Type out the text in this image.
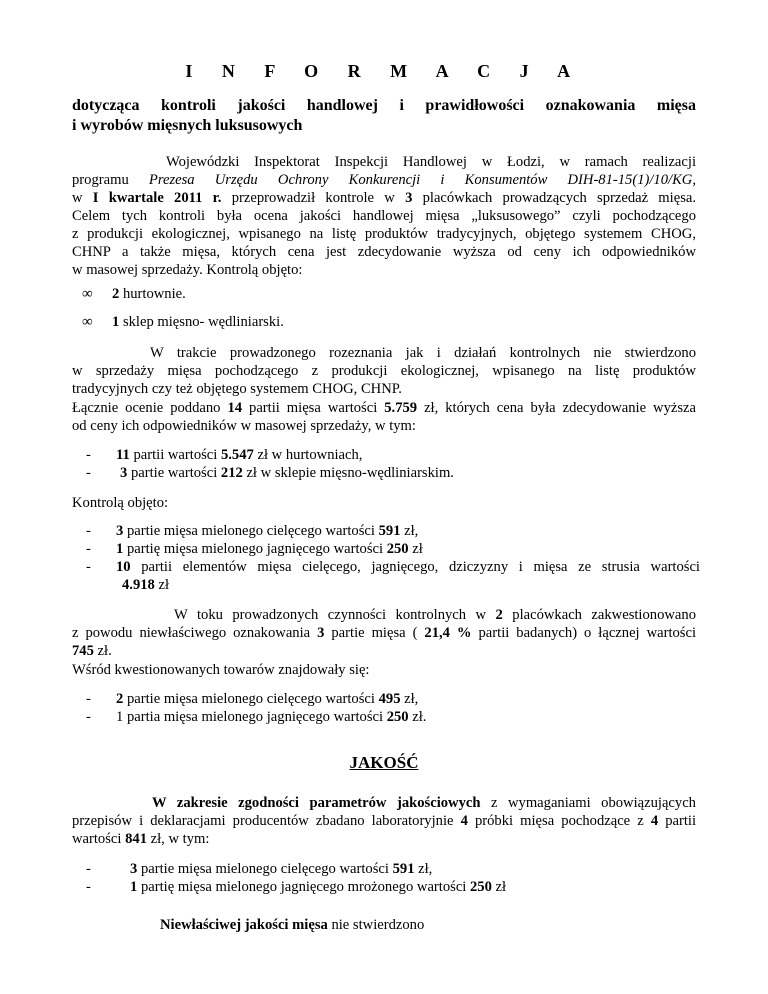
I N F O R M A C J A
dotycząca kontroli jakości handlowej i prawidłowości oznakowania mięsa
i wyrobów mięsnych luksusowych
Wojewódzki Inspektorat Inspekcji Handlowej w Łodzi, w ramach realizacji
programu Prezesa Urzędu Ochrony Konkurencji i Konsumentów DIH-81-15(1)/10/KG,
w I kwartale 2011 r. przeprowadził kontrole w 3 placówkach prowadzących sprzedaż mięsa.
Celem tych kontroli była ocena jakości handlowej mięsa „luksusowego” czyli pochodzącego
z produkcji ekologicznej, wpisanego na listę produktów tradycyjnych, objętego systemem CHOG,
CHNP a także mięsa, których cena jest zdecydowanie wyższa od ceny ich odpowiedników
w masowej sprzedaży. Kontrolą objęto:
∞ 2 hurtownie.
∞ 1 sklep mięsno- wędliniarski.
W trakcie prowadzonego rozeznania jak i działań kontrolnych nie stwierdzono
w sprzedaży mięsa pochodzącego z produkcji ekologicznej, wpisanego na listę produktów
tradycyjnych czy też objętego systemem CHOG, CHNP.
Łącznie ocenie poddano 14 partii mięsa wartości 5.759 zł, których cena była zdecydowanie wyższa
od ceny ich odpowiedników w masowej sprzedaży, w tym:
- 11 partii wartości 5.547 zł w hurtowniach,
- 3 partie wartości 212 zł w sklepie mięsno-wędliniarskim.
Kontrolą objęto:
- 3 partie mięsa mielonego cielęcego wartości 591 zł,
- 1 partię mięsa mielonego jagnięcego wartości 250 zł
- 10 partii elementów mięsa cielęcego, jagnięcego, dziczyzny i mięsa ze strusia wartości
4.918 zł
W toku prowadzonych czynności kontrolnych w 2 placówkach zakwestionowano
z powodu niewłaściwego oznakowania 3 partie mięsa ( 21,4 % partii badanych) o łącznej wartości
745 zł.
Wśród kwestionowanych towarów znajdowały się:
- 2 partie mięsa mielonego cielęcego wartości 495 zł,
- 1 partia mięsa mielonego jagnięcego wartości 250 zł.
JAKOŚĆ
W zakresie zgodności parametrów jakościowych z wymaganiami obowiązujących
przepisów i deklaracjami producentów zbadano laboratoryjnie 4 próbki mięsa pochodzące z 4 partii
wartości 841 zł, w tym:
-	3 partie mięsa mielonego cielęcego wartości 591 zł,
-	1 partię mięsa mielonego jagnięcego mrożonego wartości 250 zł
Niewłaściwej jakości mięsa nie stwierdzono
